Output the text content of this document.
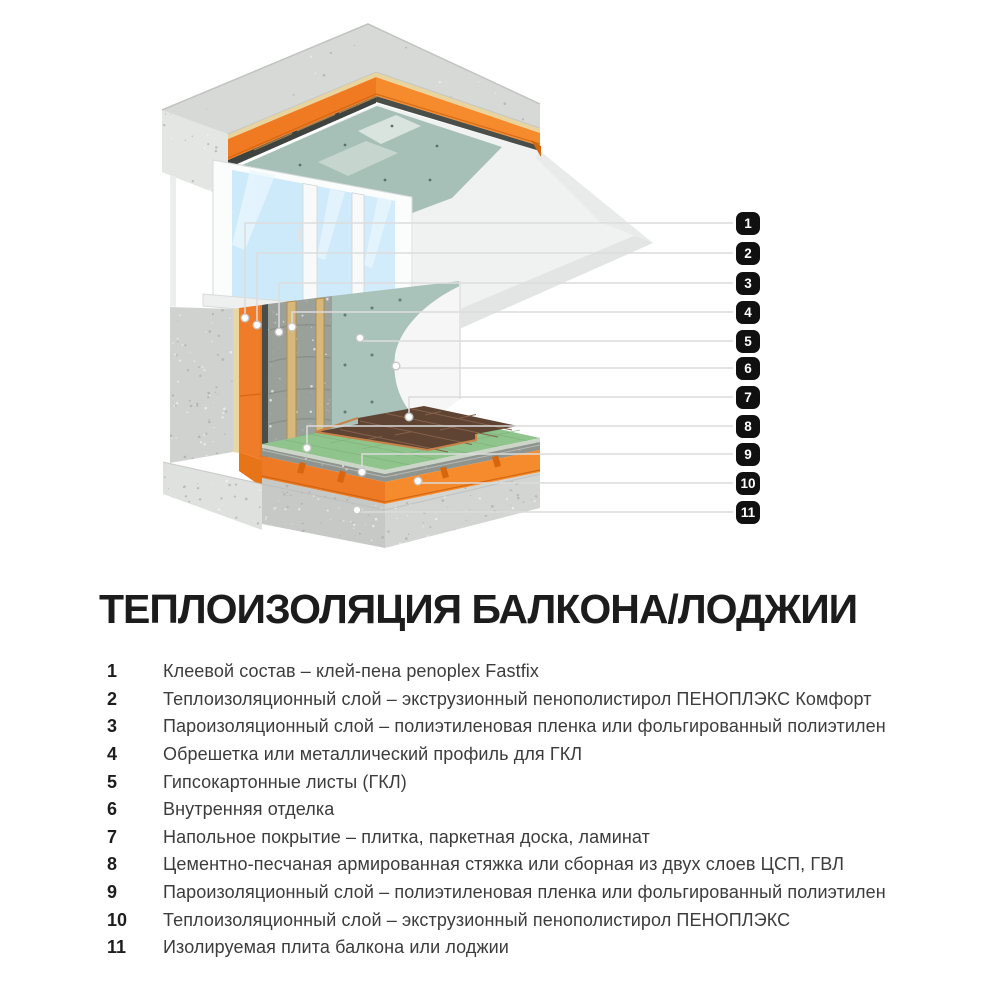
1
2
3
4
5
6
7
8
9
10
11
ТЕПЛОИЗОЛЯЦИЯ БАЛКОНА/ЛОДЖИИ
1	Клеевой состав – клей-пена penoplex Fastfix
2	Теплоизоляционный слой – экструзионный пенополистирол ПЕНОПЛЭКС Комфорт
3	Пароизоляционный слой – полиэтиленовая пленка или фольгированный полиэтилен
4	Обрешетка или металлический профиль для ГКЛ
5	Гипсокартонные листы (ГКЛ)
6	Внутренняя отделка
7	Напольное покрытие – плитка, паркетная доска, ламинат
8	Цементно-песчаная армированная стяжка или сборная из двух слоев ЦСП, ГВЛ
9	Пароизоляционный слой – полиэтиленовая пленка или фольгированный полиэтилен
10	Теплоизоляционный слой – экструзионный пенополистирол ПЕНОПЛЭКС
11	Изолируемая плита балкона или лоджии
